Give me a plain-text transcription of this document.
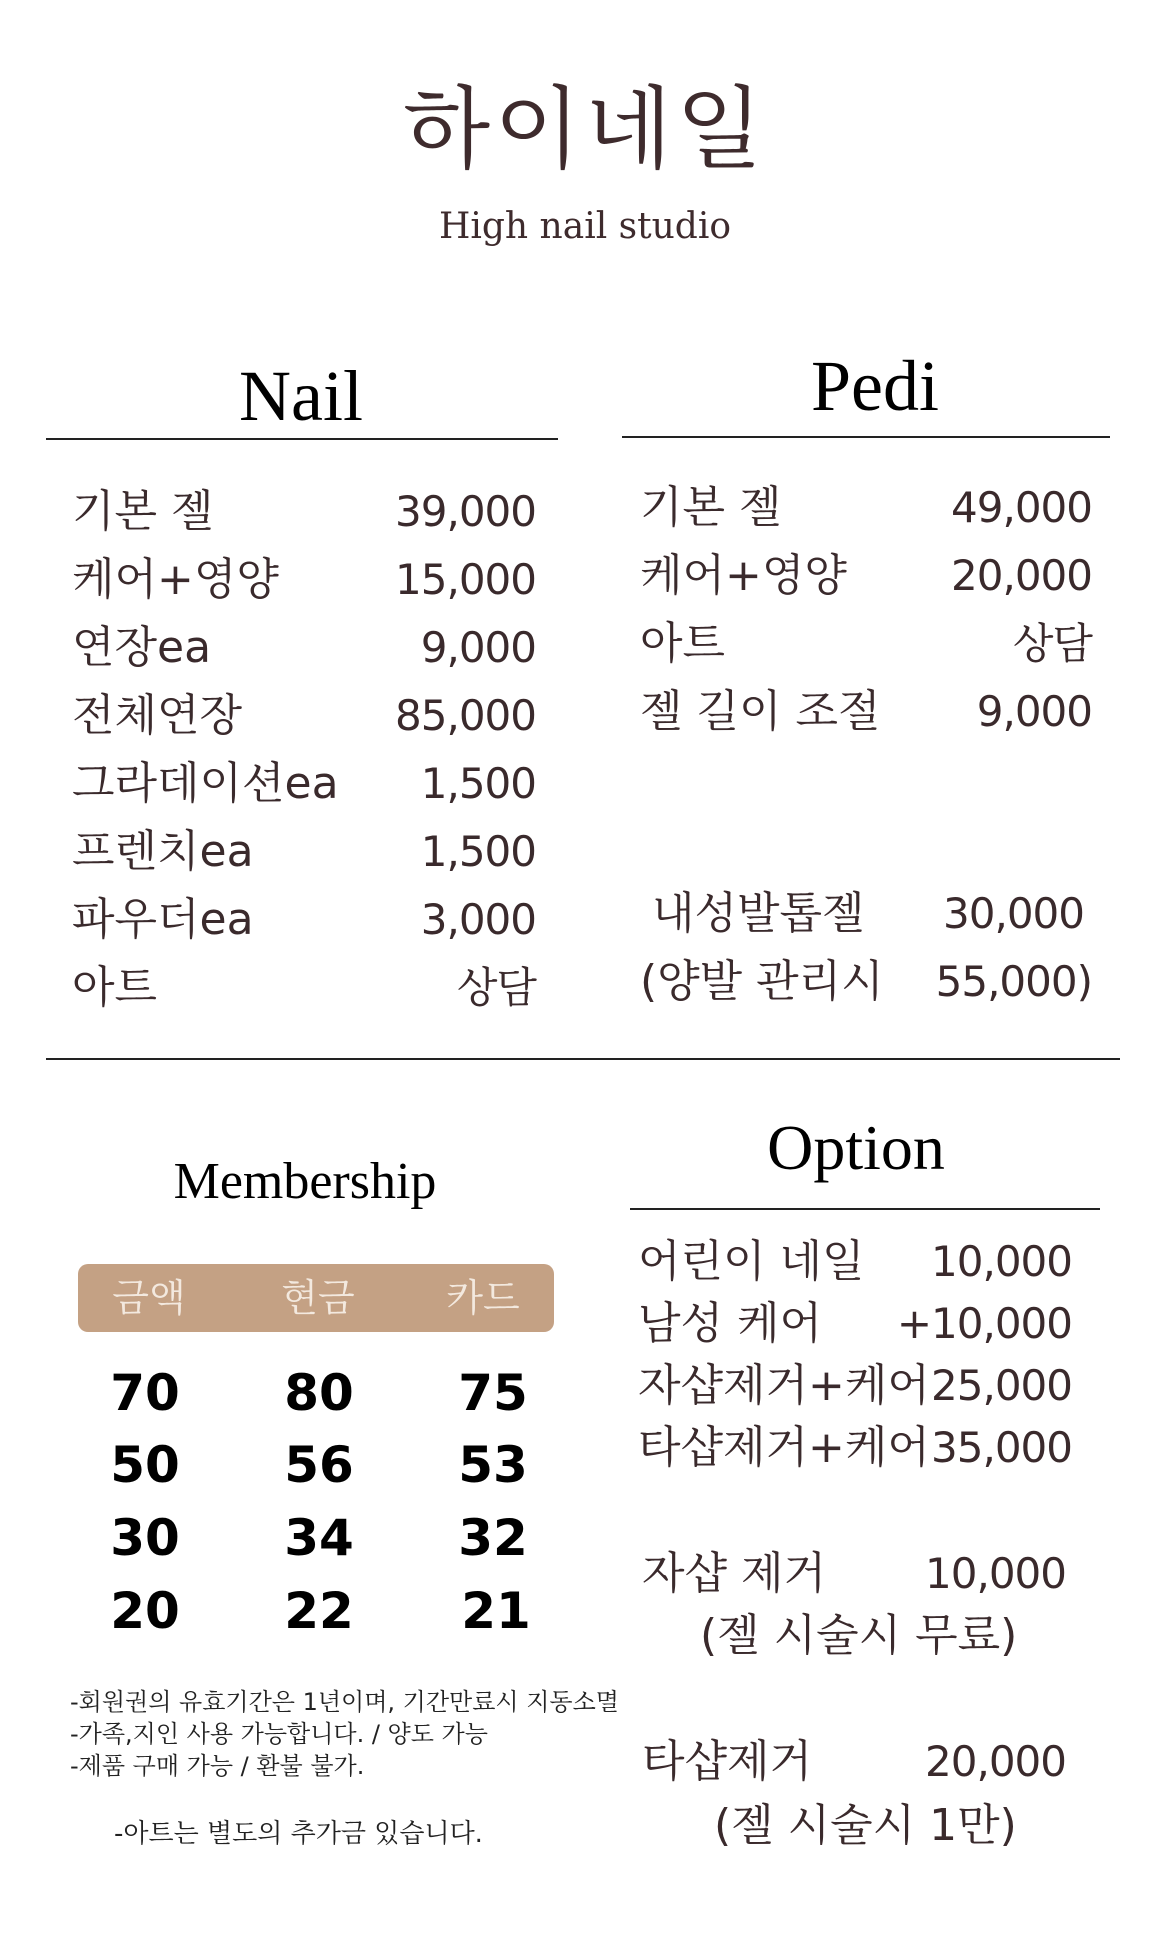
하이네일
High nail studio
Nail
기본 젤	39,000
케어+영양	15,000
연장ea	9,000
전체연장	85,000
그라데이션ea	1,500
프렌치ea	1,500
파우더ea	3,000
아트	상담
Pedi
기본 젤	49,000
케어+영양	20,000
아트	상담
젤 길이 조절	9,000
내성발톱젤	30,000
(양발 관리시	55,000)
Membership
금액	현금	카드
70	80	75
50	56	53
30	34	32
20	22	21
-회원권의 유효기간은 1년이며, 기간만료시 지동소멸
-가족,지인 사용 가능합니다. / 양도 가능
-제품 구매 가능 / 환불 불가.
-아트는 별도의 추가금 있습니다.
Option
어린이 네일	10,000
남성 케어	+10,000
자샵제거+케어 25,000
타샵제거+케어 35,000
자샵 제거	10,000
(젤 시술시 무료)
타샵제거	20,000
(젤 시술시 1만)
